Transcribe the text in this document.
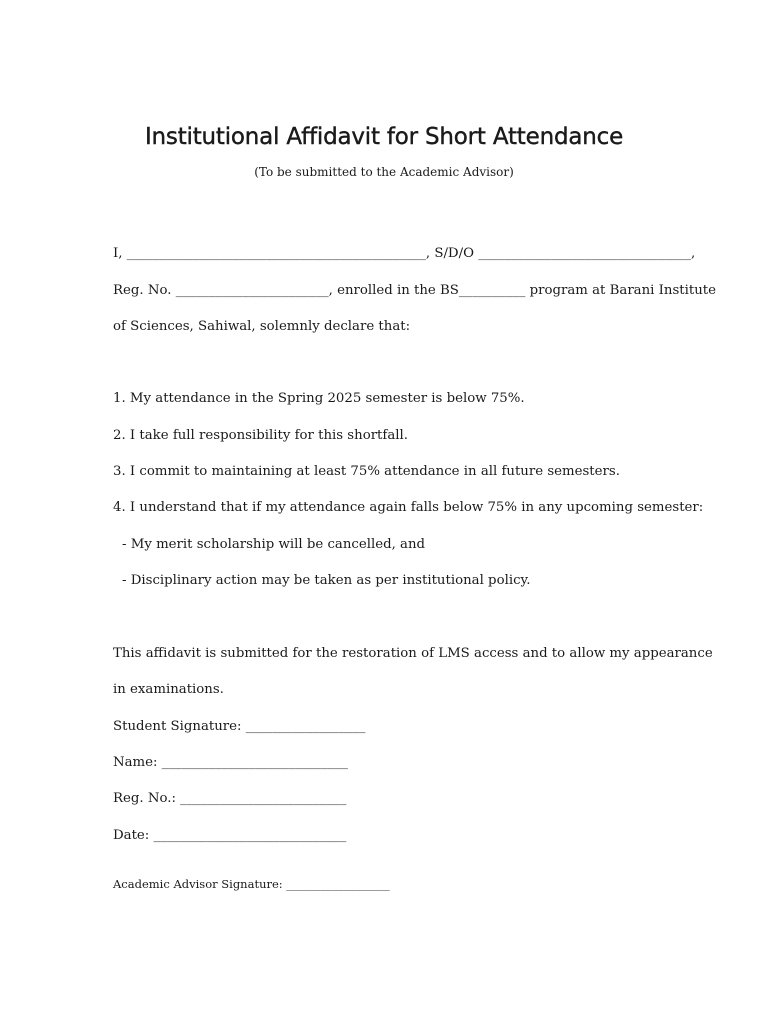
Institutional Affidavit for Short Attendance
(To be submitted to the Academic Advisor)
I, _____________________________________________, S/D/O ________________________________,
Reg. No. _______________________, enrolled in the BS__________ program at Barani Institute
of Sciences, Sahiwal, solemnly declare that:
1. My attendance in the Spring 2025 semester is below 75%.
2. I take full responsibility for this shortfall.
3. I commit to maintaining at least 75% attendance in all future semesters.
4. I understand that if my attendance again falls below 75% in any upcoming semester:
- My merit scholarship will be cancelled, and
- Disciplinary action may be taken as per institutional policy.
This affidavit is submitted for the restoration of LMS access and to allow my appearance
in examinations.
Student Signature: __________________
Name: ____________________________
Reg. No.: _________________________
Date: _____________________________
Academic Advisor Signature: __________________
